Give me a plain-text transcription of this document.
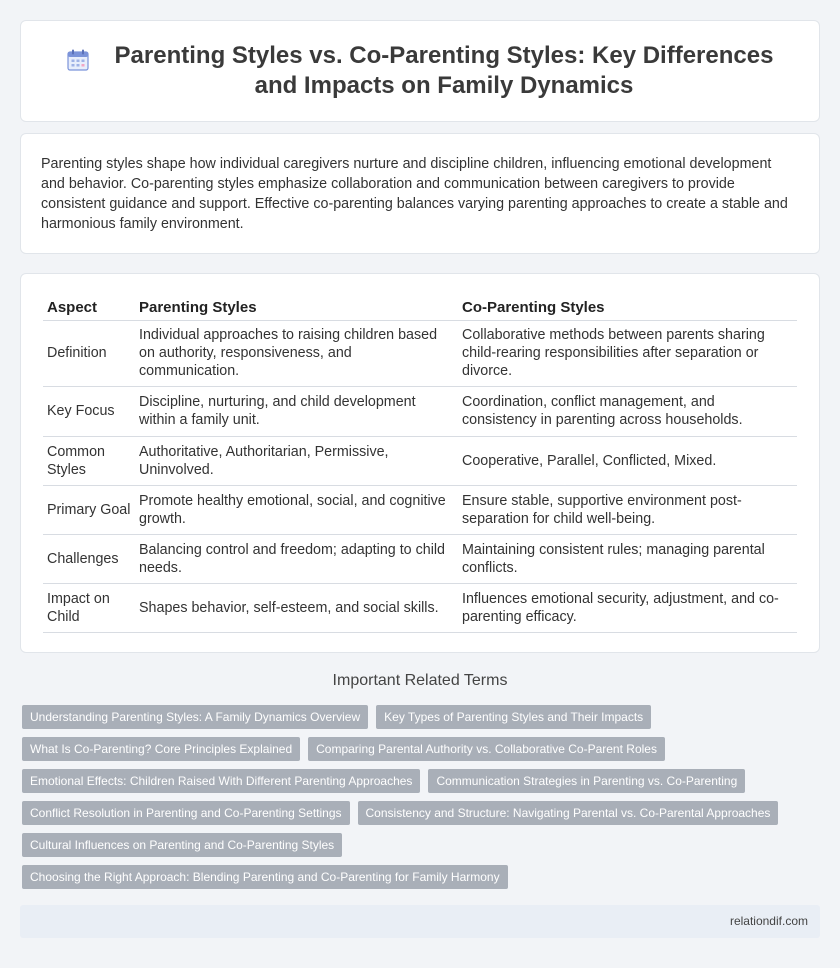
Parenting Styles vs. Co-Parenting Styles: Key Differences and Impacts on Family Dynamics

Parenting styles shape how individual caregivers nurture and discipline children, influencing emotional development and behavior. Co-parenting styles emphasize collaboration and communication between caregivers to provide consistent guidance and support. Effective co-parenting balances varying parenting approaches to create a stable and harmonious family environment.

Aspect	Parenting Styles	Co-Parenting Styles
Definition	Individual approaches to raising children based on authority, responsiveness, and communication.	Collaborative methods between parents sharing child-rearing responsibilities after separation or divorce.
Key Focus	Discipline, nurturing, and child development within a family unit.	Coordination, conflict management, and consistency in parenting across households.
Common Styles	Authoritative, Authoritarian, Permissive, Uninvolved.	Cooperative, Parallel, Conflicted, Mixed.
Primary Goal	Promote healthy emotional, social, and cognitive growth.	Ensure stable, supportive environment post-separation for child well-being.
Challenges	Balancing control and freedom; adapting to child needs.	Maintaining consistent rules; managing parental conflicts.
Impact on Child	Shapes behavior, self-esteem, and social skills.	Influences emotional security, adjustment, and co-parenting efficacy.
Important Related Terms
Understanding Parenting Styles: A Family Dynamics Overview	Key Types of Parenting Styles and Their Impacts
What Is Co-Parenting? Core Principles Explained	Comparing Parental Authority vs. Collaborative Co-Parent Roles
Emotional Effects: Children Raised With Different Parenting Approaches	Communication Strategies in Parenting vs. Co-Parenting
Conflict Resolution in Parenting and Co-Parenting Settings	Consistency and Structure: Navigating Parental vs. Co-Parental Approaches
Cultural Influences on Parenting and Co-Parenting Styles
Choosing the Right Approach: Blending Parenting and Co-Parenting for Family Harmony
relationdif.com
